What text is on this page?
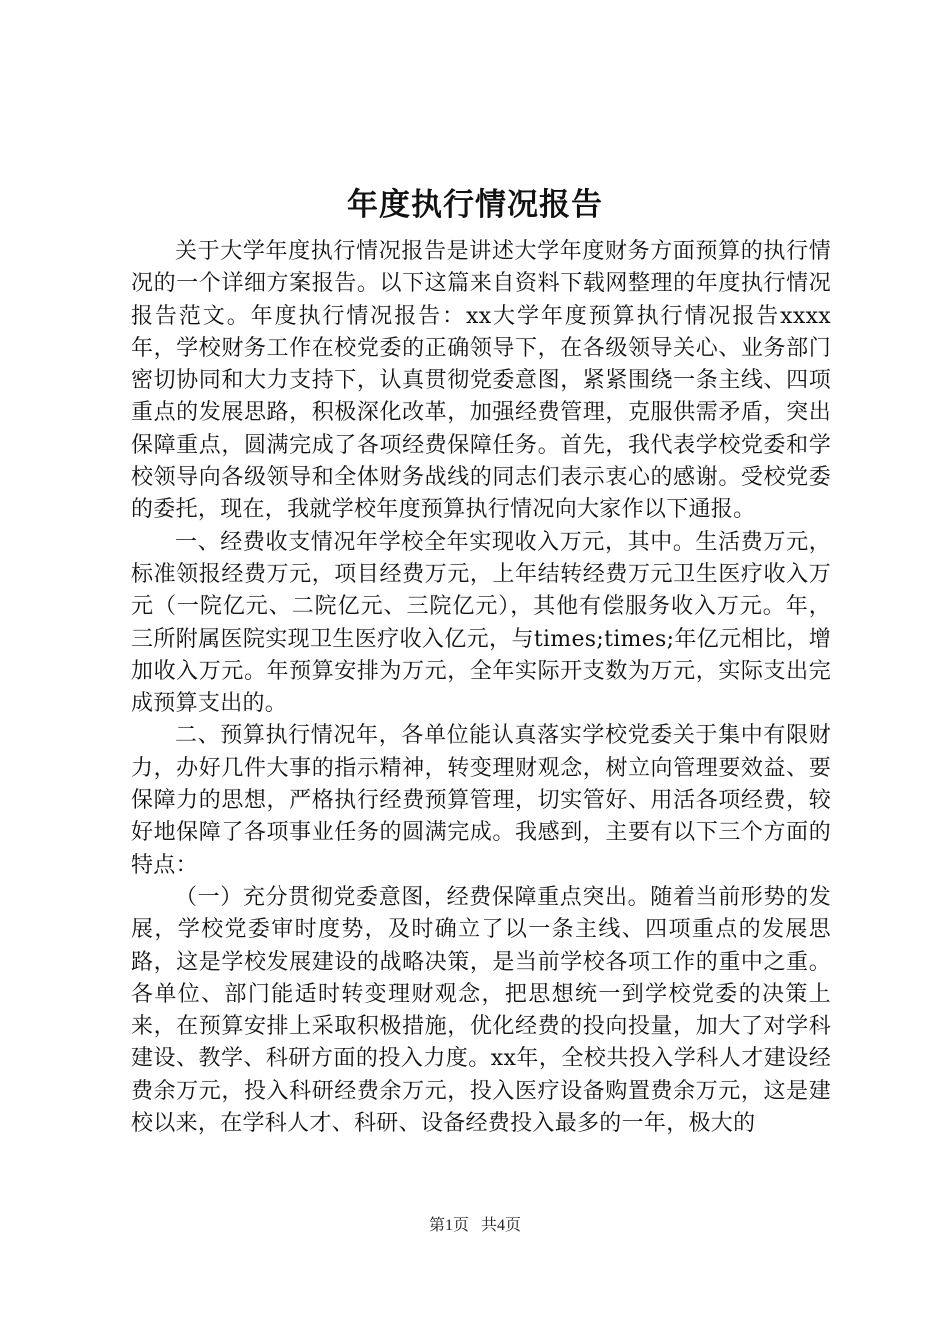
年度执行情况报告

关于大学年度执行情况报告是讲述大学年度财务方面预算的执行情况的一个详细方案报告。以下这篇来自资料下载网整理的年度执行情况报告范文。年度执行情况报告：xx大学年度预算执行情况报告xxxx年，学校财务工作在校党委的正确领导下，在各级领导关心、业务部门密切协同和大力支持下，认真贯彻党委意图，紧紧围绕一条主线、四项重点的发展思路，积极深化改革，加强经费管理，克服供需矛盾，突出保障重点，圆满完成了各项经费保障任务。首先，我代表学校党委和学校领导向各级领导和全体财务战线的同志们表示衷心的感谢。受校党委的委托，现在，我就学校年度预算执行情况向大家作以下通报。

一、经费收支情况年学校全年实现收入万元，其中。生活费万元，标准领报经费万元，项目经费万元，上年结转经费万元卫生医疗收入万元（一院亿元、二院亿元、三院亿元），其他有偿服务收入万元。年，三所附属医院实现卫生医疗收入亿元，与times;times;年亿元相比，增加收入万元。年预算安排为万元，全年实际开支数为万元，实际支出完成预算支出的。

二、预算执行情况年，各单位能认真落实学校党委关于集中有限财力，办好几件大事的指示精神，转变理财观念，树立向管理要效益、要保障力的思想，严格执行经费预算管理，切实管好、用活各项经费，较好地保障了各项事业任务的圆满完成。我感到，主要有以下三个方面的特点：

（一）充分贯彻党委意图，经费保障重点突出。随着当前形势的发展，学校党委审时度势，及时确立了以一条主线、四项重点的发展思路，这是学校发展建设的战略决策，是当前学校各项工作的重中之重。各单位、部门能适时转变理财观念，把思想统一到学校党委的决策上来，在预算安排上采取积极措施，优化经费的投向投量，加大了对学科建设、教学、科研方面的投入力度。xx年，全校共投入学科人才建设经费余万元，投入科研经费余万元，投入医疗设备购置费余万元，这是建校以来，在学科人才、科研、设备经费投入最多的一年，极大的

第1页 共4页
